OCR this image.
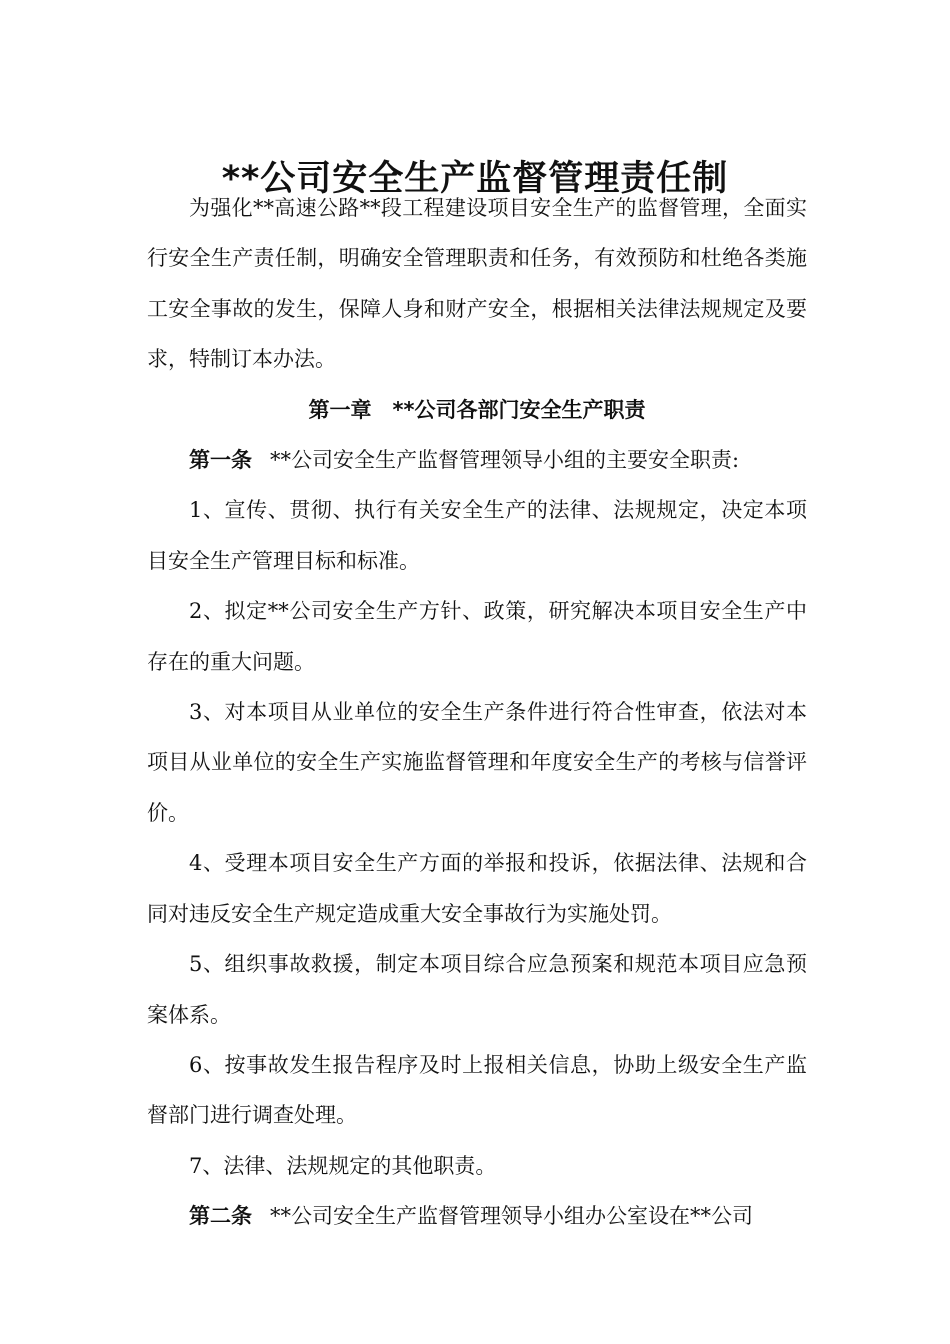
**公司安全生产监督管理责任制

为强化**高速公路**段工程建设项目安全生产的监督管理，全面实行安全生产责任制，明确安全管理职责和任务，有效预防和杜绝各类施工安全事故的发生，保障人身和财产安全，根据相关法律法规规定及要求，特制订本办法。

第一章　**公司各部门安全生产职责

第一条 **公司安全生产监督管理领导小组的主要安全职责:

1、宣传、贯彻、执行有关安全生产的法律、法规规定，决定本项目安全生产管理目标和标准。

2、拟定**公司安全生产方针、政策，研究解决本项目安全生产中存在的重大问题。

3、对本项目从业单位的安全生产条件进行符合性审查，依法对本项目从业单位的安全生产实施监督管理和年度安全生产的考核与信誉评价。

4、受理本项目安全生产方面的举报和投诉，依据法律、法规和合同对违反安全生产规定造成重大安全事故行为实施处罚。

5、组织事故救援，制定本项目综合应急预案和规范本项目应急预案体系。

6、按事故发生报告程序及时上报相关信息，协助上级安全生产监督部门进行调查处理。

7、法律、法规规定的其他职责。

第二条 **公司安全生产监督管理领导小组办公室设在**公司
